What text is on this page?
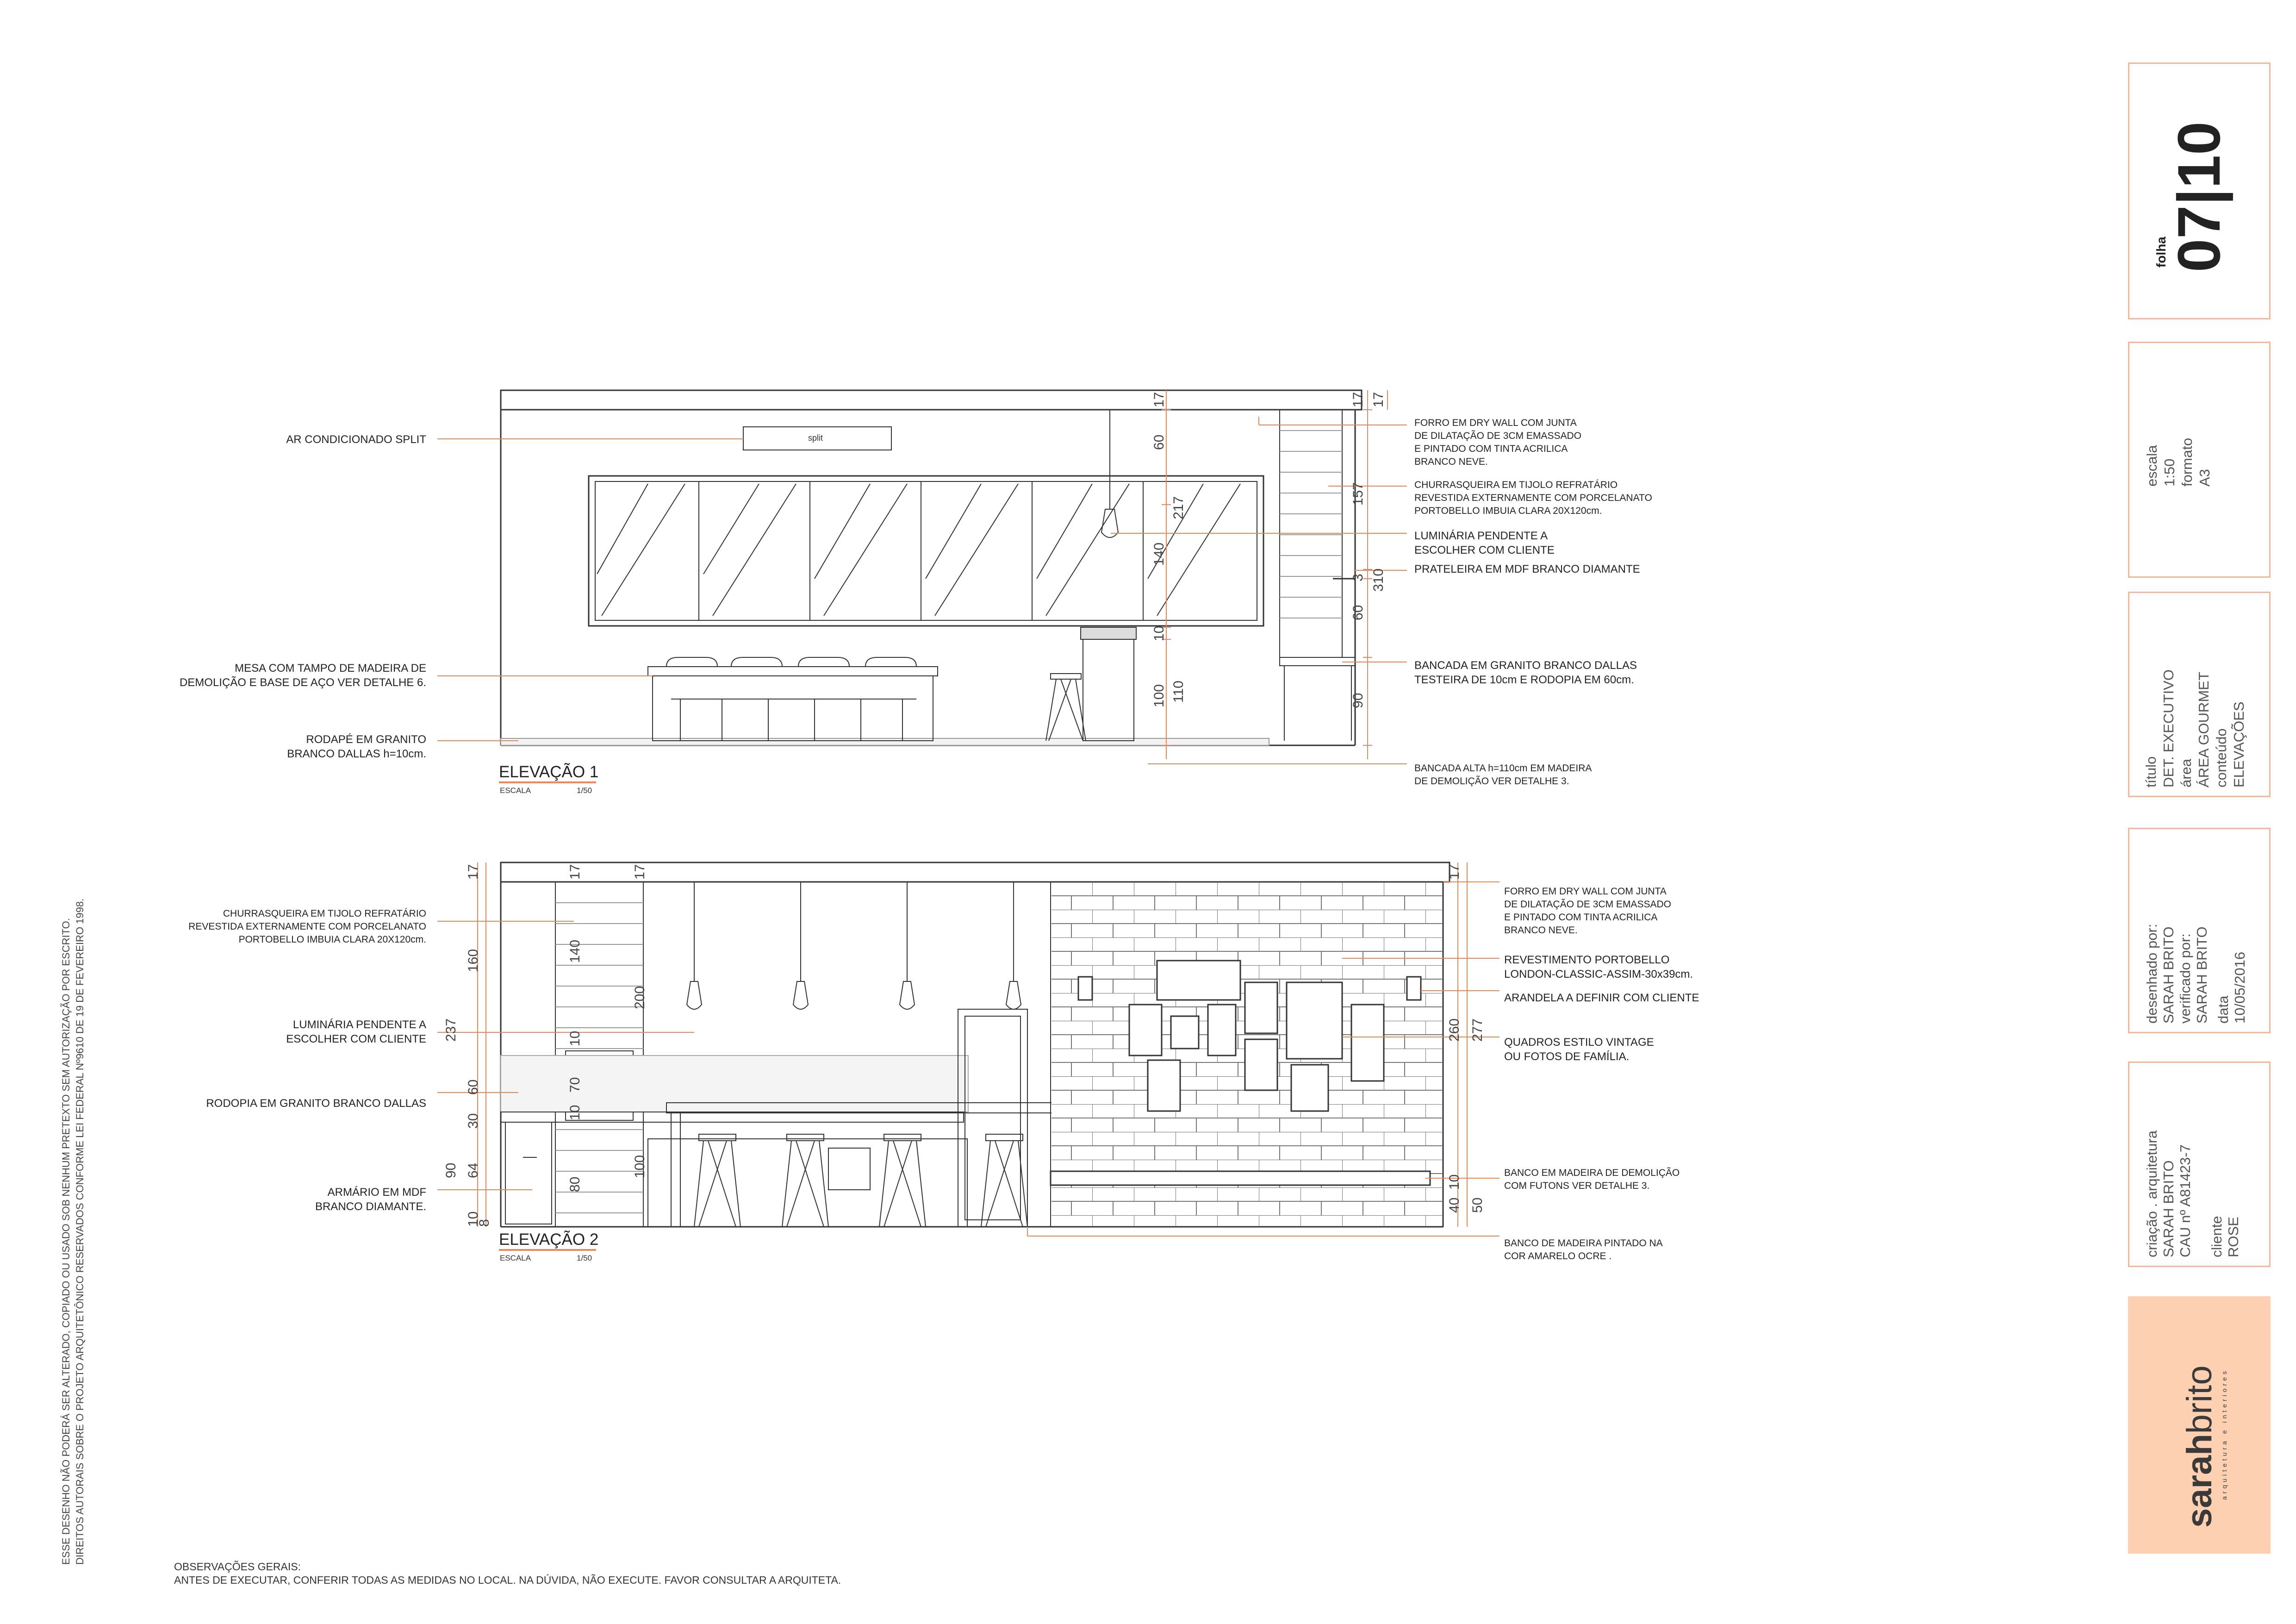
ESSE DESENHO NÃO PODERÁ SER ALTERADO, COPIADO OU USADO SOB NENHUM PRETEXTO SEM AUTORIZAÇÃO POR ESCRITO. DIREITOS AUTORAIS SOBRE O PROJETO ARQUITETÔNICO RESERVADOS CONFORME LEI FEDERAL Nº9610 DE 19 DE FEVEREIRO 1998.
OBSERVAÇÕES GERAIS:
ANTES DE EXECUTAR, CONFERIR TODAS AS MEDIDAS NO LOCAL. NA DÚVIDA, NÃO EXECUTE. FAVOR CONSULTAR A ARQUITETA.
17
60
217
140
10
100 110
17 17
157
3 310
60
90
split
AR CONDICIONADO SPLIT
MESA COM TAMPO DE MADEIRA DE
DEMOLIÇÃO E BASE DE AÇO VER DETALHE 6.
RODAPÉ EM GRANITO
BRANCO DALLAS h=10cm.
FORRO EM DRY WALL COM JUNTA
DE DILATAÇÃO DE 3CM EMASSADO
E PINTADO COM TINTA ACRILICA
BRANCO NEVE.
CHURRASQUEIRA EM TIJOLO REFRATÁRIO
REVESTIDA EXTERNAMENTE COM PORCELANATO
PORTOBELLO IMBUIA CLARA 20X120cm.
LUMINÁRIA PENDENTE A
ESCOLHER COM CLIENTE
PRATELEIRA EM MDF BRANCO DIAMANTE
BANCADA EM GRANITO BRANCO DALLAS
TESTEIRA DE 10cm E RODOPIA EM 60cm.
BANCADA ALTA h=110cm EM MADEIRA
DE DEMOLIÇÃO VER DETALHE 3.
ELEVAÇÃO 1
ESCALA	1/50
17
160
237
60
30
90 64
10
8
17
140
10
70
10
80
17
200
100
17
260 277
10
40 50
CHURRASQUEIRA EM TIJOLO REFRATÁRIO
REVESTIDA EXTERNAMENTE COM PORCELANATO
PORTOBELLO IMBUIA CLARA 20X120cm.
LUMINÁRIA PENDENTE A
ESCOLHER COM CLIENTE
RODOPIA EM GRANITO BRANCO DALLAS
ARMÁRIO EM MDF
BRANCO DIAMANTE.
FORRO EM DRY WALL COM JUNTA
DE DILATAÇÃO DE 3CM EMASSADO
E PINTADO COM TINTA ACRILICA
BRANCO NEVE.
REVESTIMENTO PORTOBELLO
LONDON-CLASSIC-ASSIM-30x39cm.
ARANDELA A DEFINIR COM CLIENTE
QUADROS ESTILO VINTAGE
OU FOTOS DE FAMÍLIA.
BANCO EM MADEIRA DE DEMOLIÇÃO
COM FUTONS VER DETALHE 3.
BANCO DE MADEIRA PINTADO NA
COR AMARELO OCRE .
ELEVAÇÃO 2
ESCALA	1/50
folha
07|10
escala 1:50 formato A3
título DET. EXECUTIVO área ÁREA GOURMET conteúdo ELEVAÇÕES
desenhado por: SARAH BRITO verificado por: SARAH BRITO data 10/05/2016
criação . arquitetura SARAH BRITO CAU nº A81423-7 cliente ROSE
sarahbrito arquitetura e interiores
